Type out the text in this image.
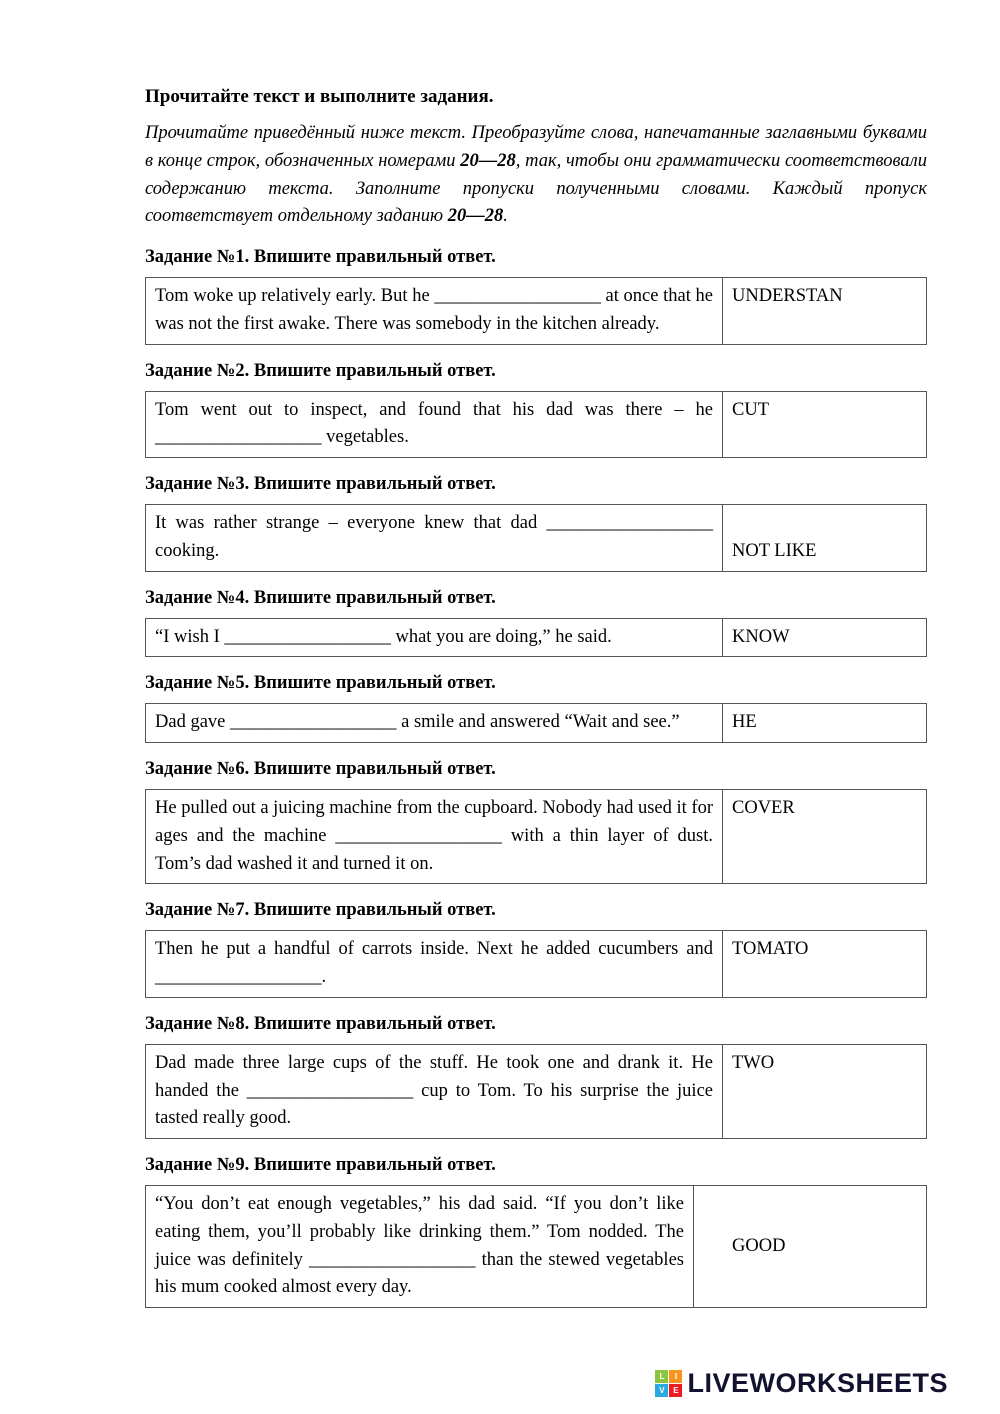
Прочитайте текст и выполните задания.

Прочитайте приведённый ниже текст. Преобразуйте слова, напечатанные заглавными буквами в конце строк, обозначенных номерами 20––28, так, чтобы они грамматически соответствовали содержанию текста. Заполните пропуски полученными словами. Каждый пропуск соответствует отдельному заданию 20––28.

Задание №1. Впишите правильный ответ.
Tom woke up relatively early. But he __________________ at once that he was not the first awake. There was somebody in the kitchen already.
UNDERSTAN
Задание №2. Впишите правильный ответ.
Tom went out to inspect, and found that his dad was there – he __________________ vegetables.
CUT
Задание №3. Впишите правильный ответ.
It was rather strange – everyone knew that dad __________________ cooking.	NOT LIKE
Задание №4. Впишите правильный ответ.
“I wish I __________________ what you are doing,” he said.	KNOW
Задание №5. Впишите правильный ответ.
Dad gave __________________ a smile and answered “Wait and see.”	HE
Задание №6. Впишите правильный ответ.
He pulled out a juicing machine from the cupboard. Nobody had used it for ages and the machine __________________ with a thin layer of dust. Tom’s dad washed it and turned it on.
COVER
Задание №7. Впишите правильный ответ.
Then he put a handful of carrots inside. Next he added cucumbers and __________________.
TOMATO
Задание №8. Впишите правильный ответ.
Dad made three large cups of the stuff. He took one and drank it. He handed the __________________ cup to Tom. To his surprise the juice tasted really good.
TWO
Задание №9. Впишите правильный ответ.
“You don’t eat enough vegetables,” his dad said. “If you don’t like eating them, you’ll probably like drinking them.” Tom nodded. The juice was definitely __________________ than the stewed vegetables his mum cooked almost every day.
GOOD
L	I
V	E LIVEWORKSHEETS
